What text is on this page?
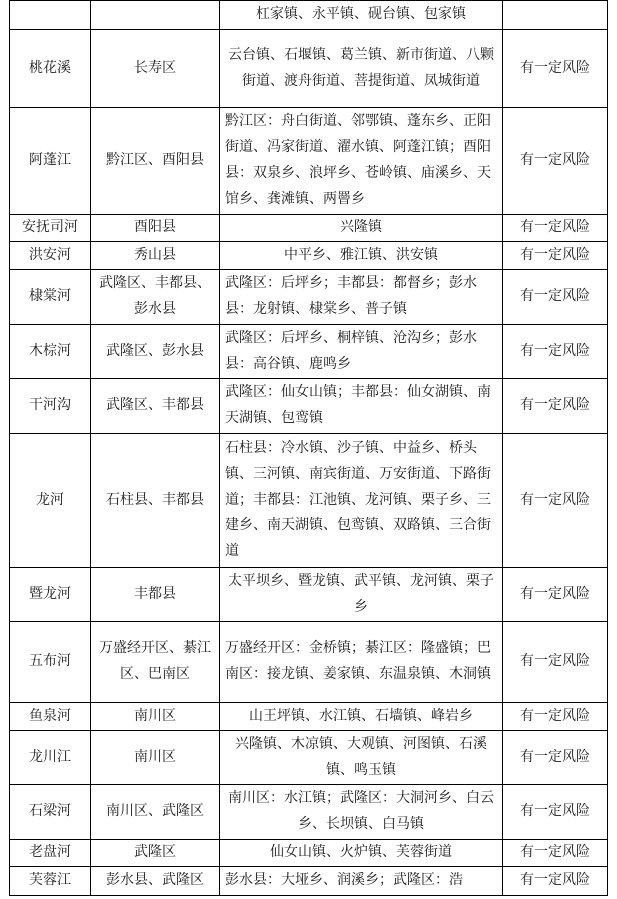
		杠家镇、永平镇、砚台镇、包家镇	
桃花溪	长寿区	云台镇、石堰镇、葛兰镇、新市街道、八颗街道、渡舟街道、菩提街道、凤城街道	有一定风险
阿蓬江	黔江区、酉阳县	黔江区：舟白街道、邻鄂镇、蓬东乡、正阳街道、冯家街道、濯水镇、阿蓬江镇；酉阳县：双泉乡、浪坪乡、苍岭镇、庙溪乡、天馆乡、龚滩镇、两罾乡	有一定风险
安抚司河	酉阳县	兴隆镇	有一定风险
洪安河	秀山县	中平乡、雅江镇、洪安镇	有一定风险
棣棠河	武隆区、丰都县、彭水县	武隆区：后坪乡；丰都县：都督乡；彭水县：龙射镇、棣棠乡、普子镇	有一定风险
木棕河	武隆区、彭水县	武隆区：后坪乡、桐梓镇、沧沟乡；彭水县：高谷镇、鹿鸣乡	有一定风险
干河沟	武隆区、丰都县	武隆区：仙女山镇；丰都县：仙女湖镇、南天湖镇、包鸾镇	有一定风险
龙河	石柱县、丰都县	石柱县：冷水镇、沙子镇、中益乡、桥头镇、三河镇、南宾街道、万安街道、下路街道；丰都县：江池镇、龙河镇、栗子乡、三建乡、南天湖镇、包鸾镇、双路镇、三合街道	有一定风险
暨龙河	丰都县	太平坝乡、暨龙镇、武平镇、龙河镇、栗子乡	有一定风险
五布河	万盛经开区、綦江区、巴南区	万盛经开区：金桥镇；綦江区：隆盛镇；巴南区：接龙镇、姜家镇、东温泉镇、木洞镇	有一定风险
鱼泉河	南川区	山王坪镇、水江镇、石墙镇、峰岩乡	有一定风险
龙川江	南川区	兴隆镇、木凉镇、大观镇、河图镇、石溪镇、鸣玉镇	有一定风险
石梁河	南川区、武隆区	南川区：水江镇；武隆区：大洞河乡、白云乡、长坝镇、白马镇	有一定风险
老盘河	武隆区	仙女山镇、火炉镇、芙蓉街道	有一定风险
芙蓉江	彭水县、武隆区	彭水县：大垭乡、润溪乡；武隆区：浩	有一定风险
